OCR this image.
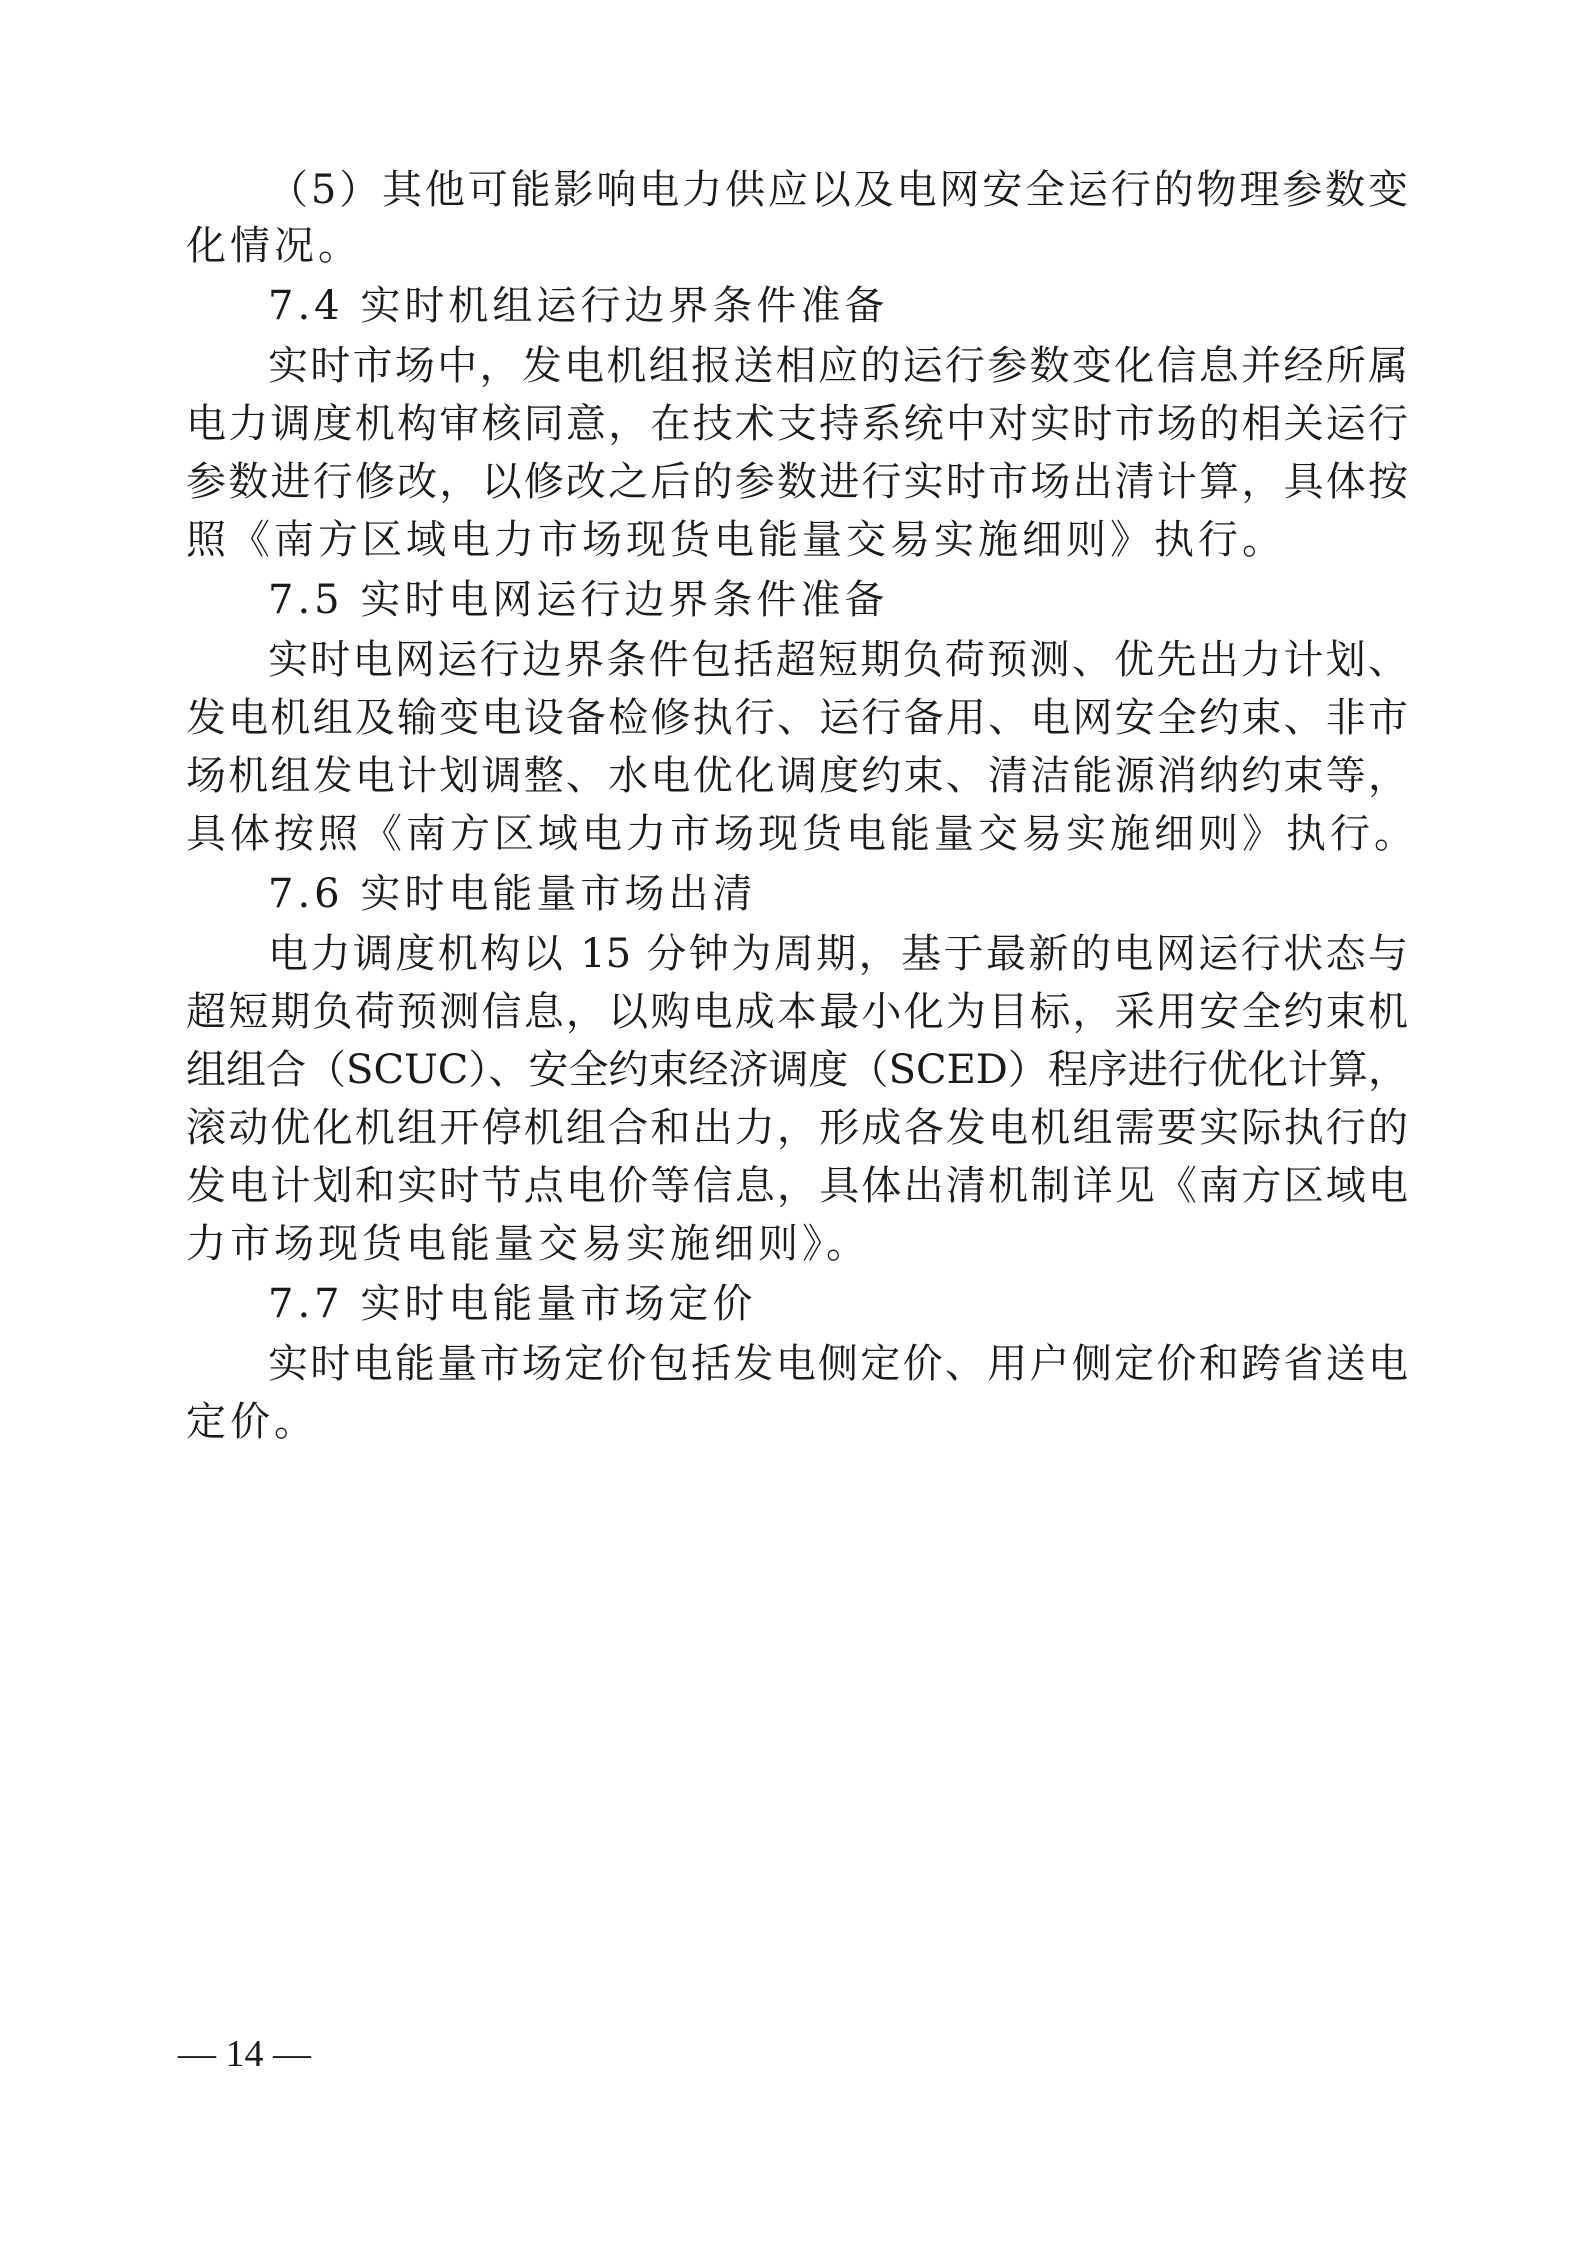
（5）其他可能影响电力供应以及电网安全运行的物理参数变
化情况。
7.4 实时机组运行边界条件准备
实时市场中，发电机组报送相应的运行参数变化信息并经所属
电力调度机构审核同意，在技术支持系统中对实时市场的相关运行
参数进行修改，以修改之后的参数进行实时市场出清计算，具体按
照《南方区域电力市场现货电能量交易实施细则》执行。
7.5 实时电网运行边界条件准备
实时电网运行边界条件包括超短期负荷预测、优先出力计划、
发电机组及输变电设备检修执行、运行备用、电网安全约束、非市
场机组发电计划调整、水电优化调度约束、清洁能源消纳约束等，
具体按照《南方区域电力市场现货电能量交易实施细则》执行。
7.6 实时电能量市场出清
电力调度机构以 15 分钟为周期，基于最新的电网运行状态与
超短期负荷预测信息，以购电成本最小化为目标，采用安全约束机
组组合（SCUC）、安全约束经济调度（SCED）程序进行优化计算，
滚动优化机组开停机组合和出力，形成各发电机组需要实际执行的
发电计划和实时节点电价等信息，具体出清机制详见《南方区域电
力市场现货电能量交易实施细则》。
7.7 实时电能量市场定价
实时电能量市场定价包括发电侧定价、用户侧定价和跨省送电
定价。
— 14 —
